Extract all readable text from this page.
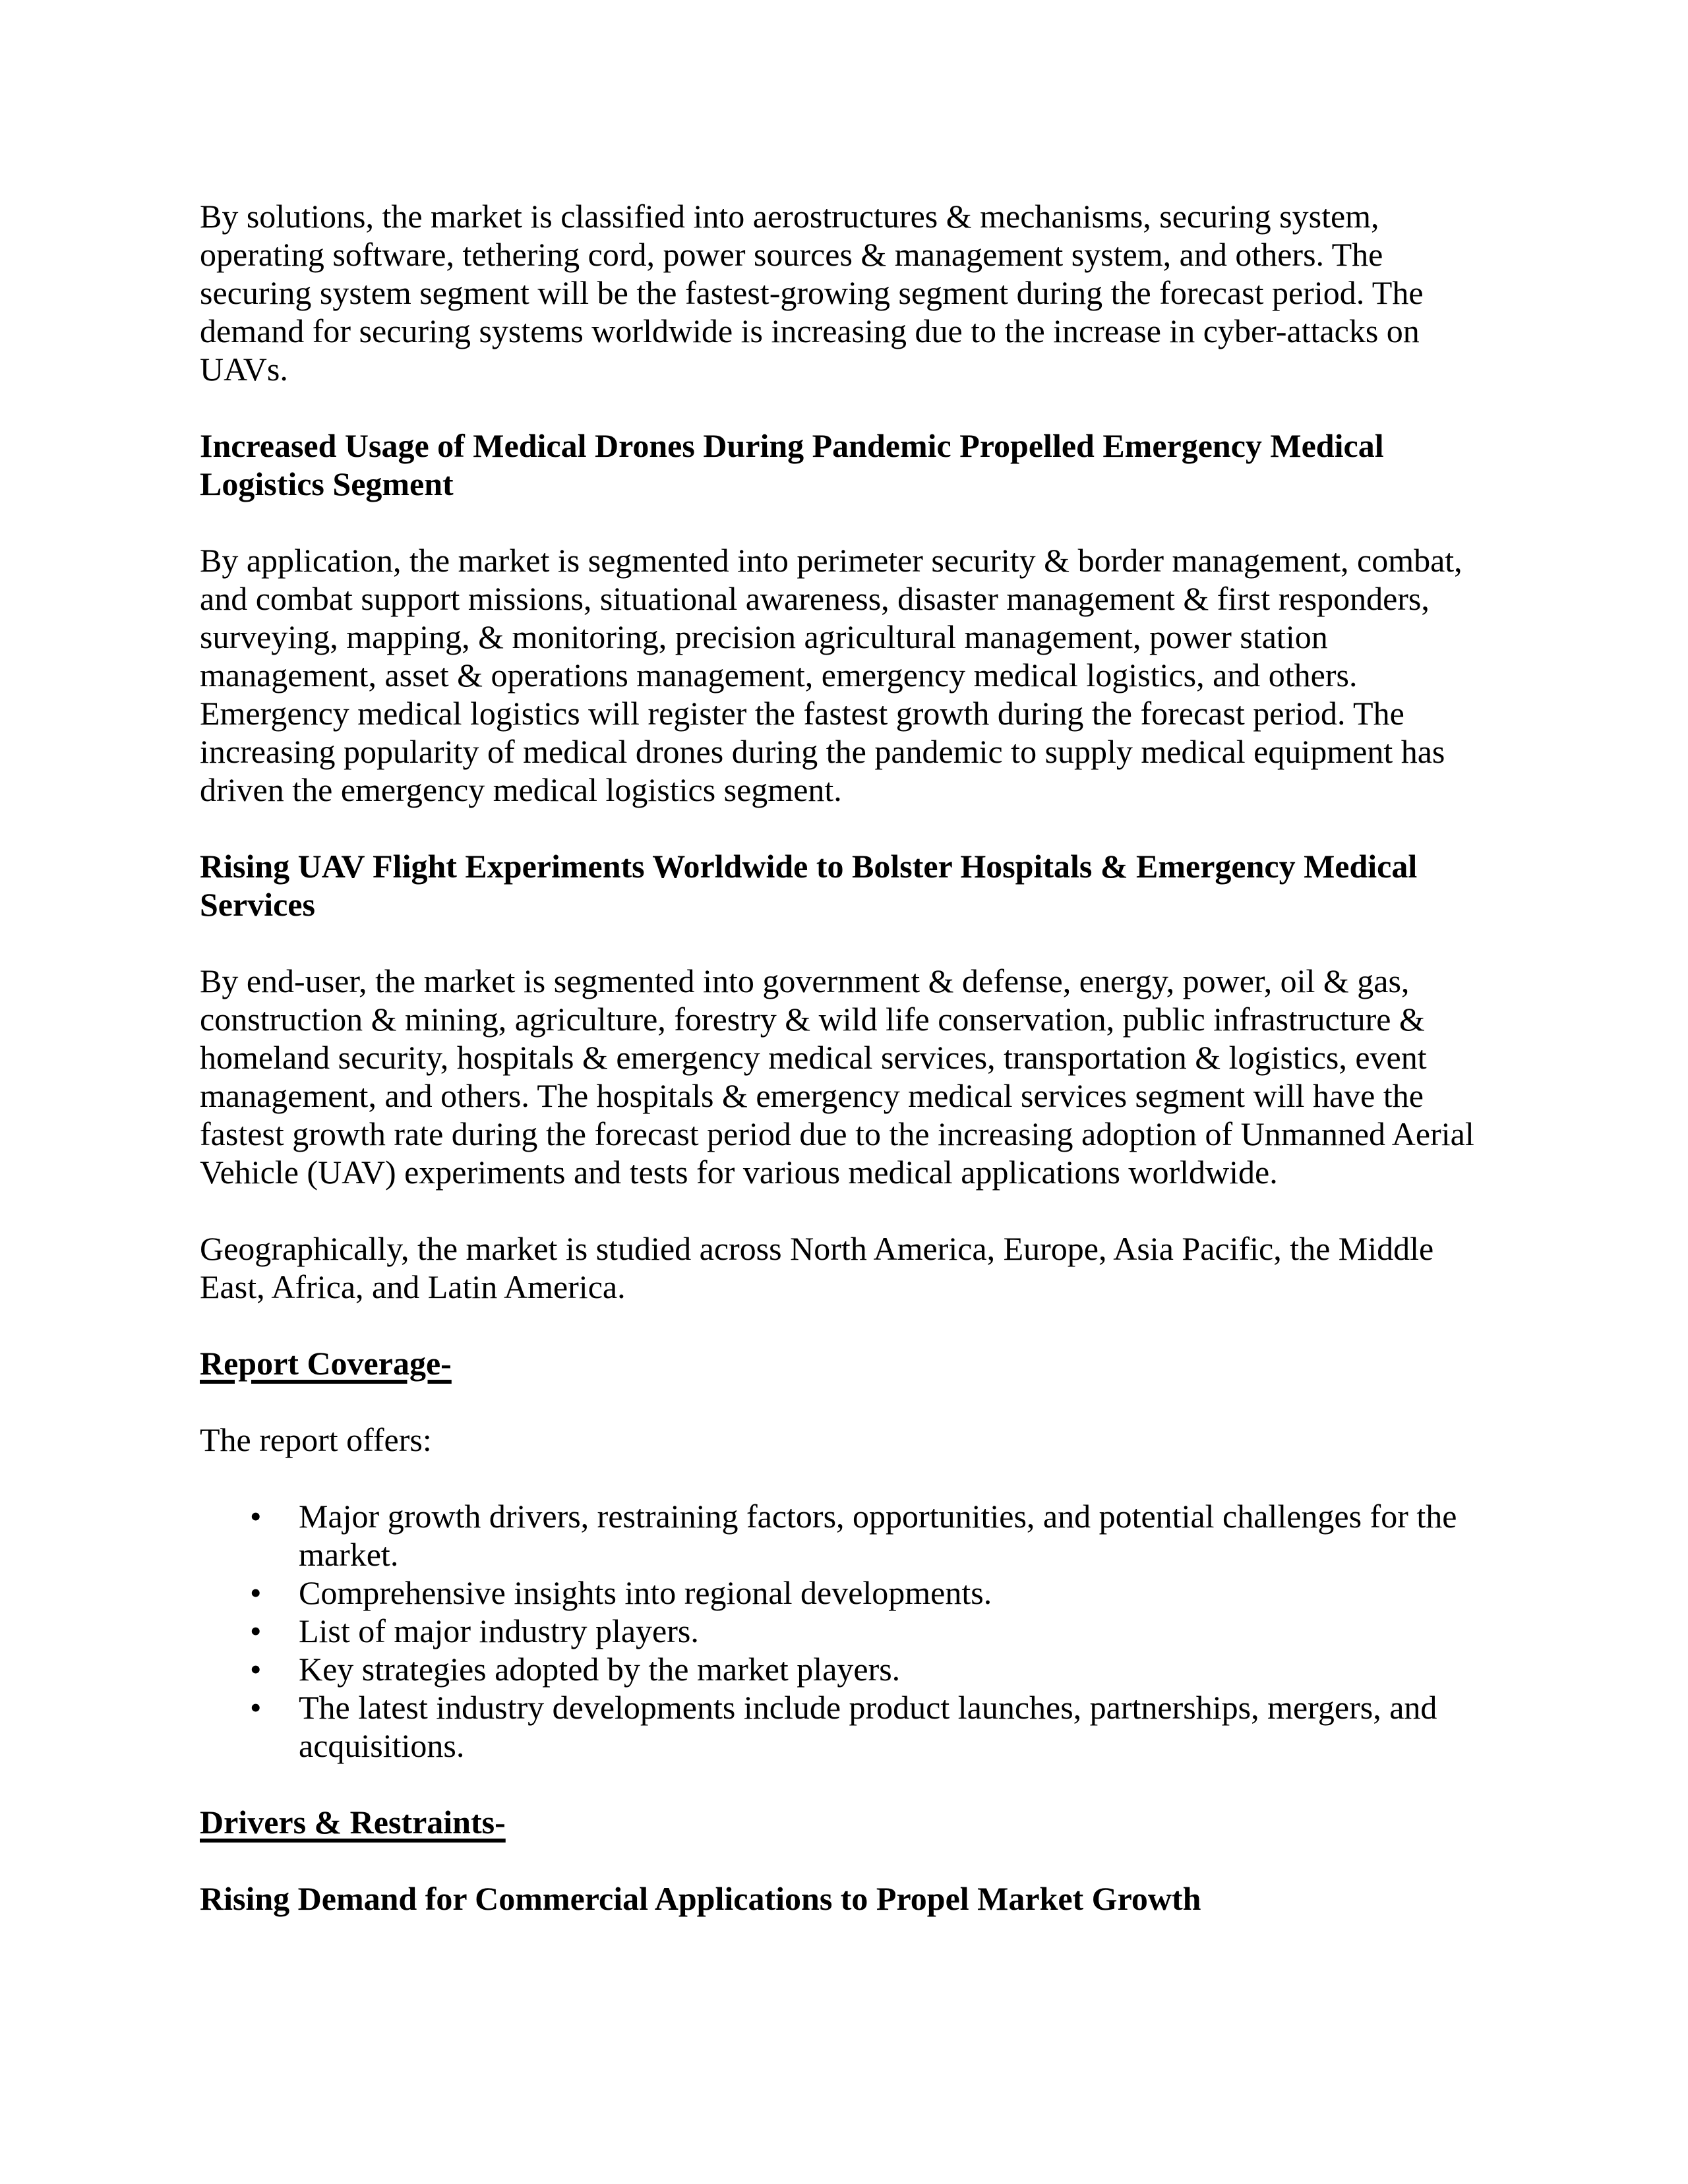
By solutions, the market is classified into aerostructures & mechanisms, securing system, operating software, tethering cord, power sources & management system, and others. The securing system segment will be the fastest-growing segment during the forecast period. The demand for securing systems worldwide is increasing due to the increase in cyber-attacks on UAVs.

Increased Usage of Medical Drones During Pandemic Propelled Emergency Medical Logistics Segment

By application, the market is segmented into perimeter security & border management, combat, and combat support missions, situational awareness, disaster management & first responders, surveying, mapping, & monitoring, precision agricultural management, power station management, asset & operations management, emergency medical logistics, and others. Emergency medical logistics will register the fastest growth during the forecast period. The increasing popularity of medical drones during the pandemic to supply medical equipment has driven the emergency medical logistics segment.

Rising UAV Flight Experiments Worldwide to Bolster Hospitals & Emergency Medical Services

By end-user, the market is segmented into government & defense, energy, power, oil & gas, construction & mining, agriculture, forestry & wild life conservation, public infrastructure & homeland security, hospitals & emergency medical services, transportation & logistics, event management, and others. The hospitals & emergency medical services segment will have the fastest growth rate during the forecast period due to the increasing adoption of Unmanned Aerial Vehicle (UAV) experiments and tests for various medical applications worldwide.

Geographically, the market is studied across North America, Europe, Asia Pacific, the Middle East, Africa, and Latin America.

Report Coverage-

The report offers:

• Major growth drivers, restraining factors, opportunities, and potential challenges for the market.
• Comprehensive insights into regional developments.
• List of major industry players.
• Key strategies adopted by the market players.
• The latest industry developments include product launches, partnerships, mergers, and acquisitions.
Drivers & Restraints-
Rising Demand for Commercial Applications to Propel Market Growth
